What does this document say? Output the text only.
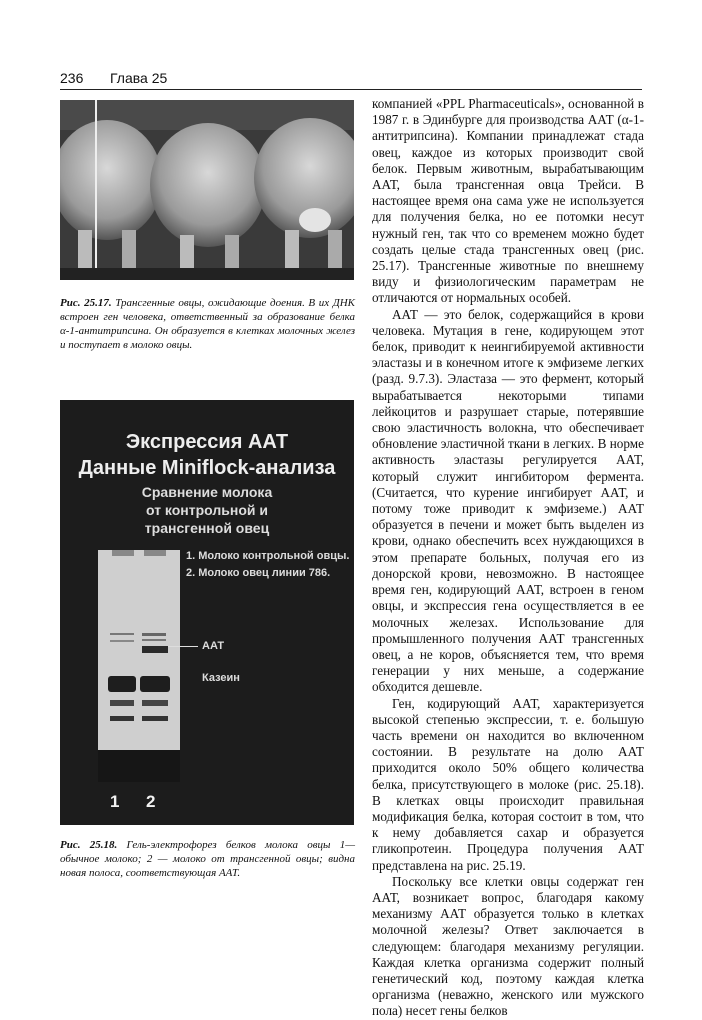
236 Глава 25
Рис. 25.17. Трансгенные овцы, ожидающие доения. В их ДНК встроен ген человека, ответственный за образование белка α-1-антитрипсина. Он образуется в клетках молочных желез и поступает в молоко овцы.
Экспрессия ААТ
Данные Miniflock-анализа
Сравнение молока
от контрольной и
трансгенной овец
1. Молоко контрольной овцы.
2. Молоко овец линии 786.
ААТ
Казеин
1 2
Рис. 25.18. Гель-электрофорез белков молока овцы 1— обычное молоко; 2 — молоко от трансгенной овцы; видна новая полоса, соответствующая ААТ.

компанией «PPL Pharmaceuticals», основанной в 1987 г. в Эдинбурге для производства ААТ (α-1-антитрипсина). Компании принадлежат стада овец, каждое из которых производит свой белок. Первым животным, вырабатывающим ААТ, была трансгенная овца Трейси. В настоящее время она сама уже не используется для получения белка, но ее потомки несут нужный ген, так что со временем можно будет создать целые стада трансгенных овец (рис. 25.17). Трансгенные животные по внешнему виду и физиологическим параметрам не отличаются от нормальных особей.

ААТ — это белок, содержащийся в крови человека. Мутация в гене, кодирующем этот белок, приводит к неингибируемой активности эластазы и в конечном итоге к эмфиземе легких (разд. 9.7.3). Эластаза — это фермент, который вырабатывается некоторыми типами лейкоцитов и разрушает старые, потерявшие свою эластичность волокна, что обеспечивает обновление эластичной ткани в легких. В норме активность эластазы регулируется ААТ, который служит ингибитором фермента. (Считается, что курение ингибирует ААТ, и потому тоже приводит к эмфиземе.) ААТ образуется в печени и может быть выделен из крови, однако обеспечить всех нуждающихся в этом препарате больных, получая его из донорской крови, невозможно. В настоящее время ген, кодирующий ААТ, встроен в геном овцы, и экспрессия гена осуществляется в ее молочных железах. Использование для промышленного получения ААТ трансгенных овец, а не коров, объясняется тем, что время генерации у них меньше, а содержание обходится дешевле.

Ген, кодирующий ААТ, характеризуется высокой степенью экспрессии, т. е. большую часть времени он находится во включенном состоянии. В результате на долю ААТ приходится около 50% общего количества белка, присутствующего в молоке (рис. 25.18). В клетках овцы происходит правильная модификация белка, которая состоит в том, что к нему добавляется сахар и образуется гликопротеин. Процедура получения ААТ представлена на рис. 25.19.

Поскольку все клетки овцы содержат ген ААТ, возникает вопрос, благодаря какому механизму ААТ образуется только в клетках молочной железы? Ответ заключается в следующем: благодаря механизму регуляции. Каждая клетка организма содержит полный генетический код, поэтому каждая клетка организма (неважно, женского или мужского пола) несет гены белков
